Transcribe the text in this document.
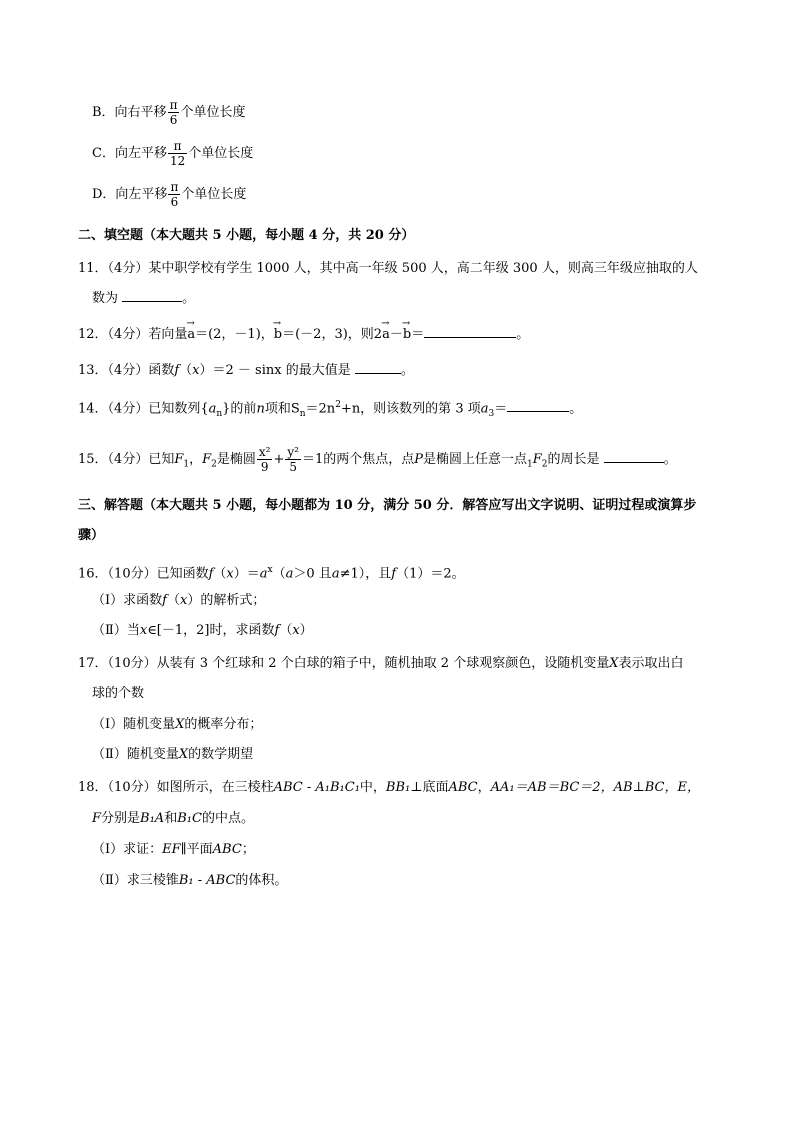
B．向右平移 $\frac{\pi}{6}$ 个单位长度
C．向左平移 $\frac{\pi}{12}$ 个单位长度
D．向左平移 $\frac{\pi}{6}$ 个单位长度
二、填空题（本大题共 5 小题，每小题 4 分，共 20 分）
11．（4分）某中职学校有学生 1000 人，其中高一年级 500 人，高二年级 300 人，则高三年级应抽取的人
数为	。
12．（4分）若向量→ a＝(2，－1)，→ b＝(－2，3)，则2→ a－→ b＝	。
13．（4分）函数f（x）＝2 － sinx 的最大值是	。
14．（4分）已知数列$\{a_n\}$的前n项和$S_n=2n^2+n$，则该数列的第 3 项$a_3=$	。
15．（4分）已知$F_1$，$F_2$是椭圆 $\frac{\text{x²}}{9} + \frac{\text{y²}}{5} =1$的两个焦点，点P是椭圆上任意一点$_1F_2$的周长是	。
三、解答题（本大题共 5 小题，每小题都为 10 分，满分 50 分．解答应写出文字说明、证明过程或演算步
骤）
16．（10分）已知函数$f(x)=a^x(a>0$ 且a≠1），且f（1）＝2。
（Ⅰ）求函数f（x）的解析式；
（Ⅱ）当x∈[－1，2]时，求函数f（x）
17．（10分）从装有 3 个红球和 2 个白球的箱子中，随机抽取 2 个球观察颜色，设随机变量X表示取出白
球的个数
（Ⅰ）随机变量X的概率分布；
（Ⅱ）随机变量X的数学期望
18．（10分）如图所示，在三棱柱ABC - A₁B₁C₁中，BB₁⊥底面ABC，AA₁＝AB＝BC＝2，AB⊥BC，E，
F分别是B₁A和B₁C的中点。
（Ⅰ）求证：EF∥平面ABC；
（Ⅱ）求三棱锥B₁ - ABC的体积。
